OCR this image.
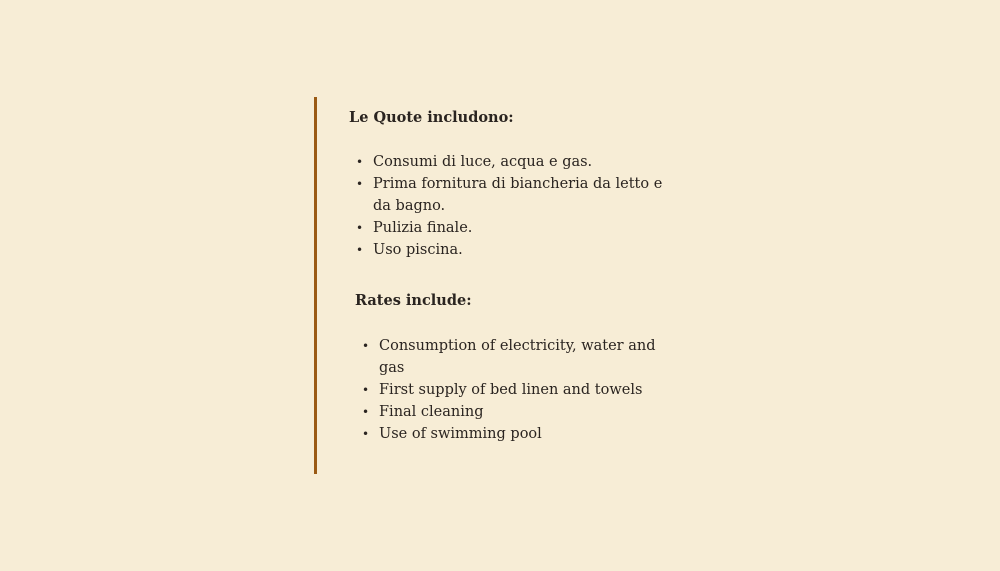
Le Quote includono:

• Consumi di luce, acqua e gas.
• Prima fornitura di biancheria da letto e da bagno.
• Pulizia finale.
• Uso piscina.

Rates include:

• Consumption of electricity, water and gas
• First supply of bed linen and towels
• Final cleaning
• Use of swimming pool
